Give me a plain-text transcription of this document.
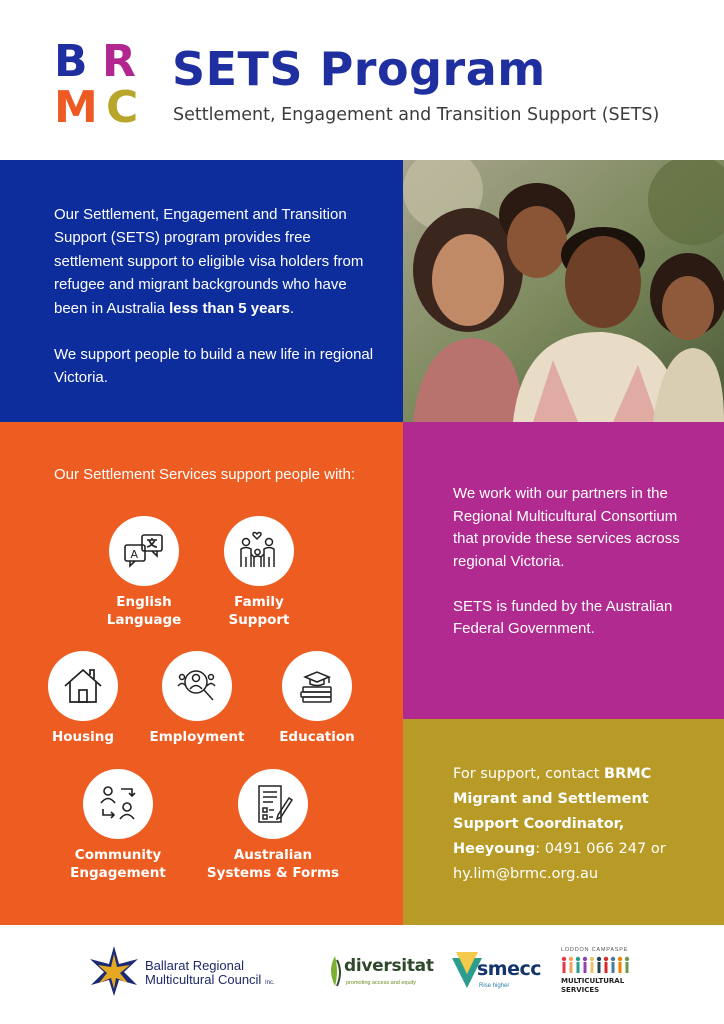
B R
M C
SETS Program
Settlement, Engagement and Transition Support (SETS)

Our Settlement, Engagement and Transition Support (SETS) program provides free settlement support to eligible visa holders from refugee and migrant backgrounds who have been in Australia less than 5 years.

We support people to build a new life in regional Victoria.

Our Settlement Services support people with:
A
English
Language
Family
Support
Housing	Employment	Education
Community
Engagement
Australian
Systems & Forms

We work with our partners in the Regional Multicultural Consortium that provide these services across regional Victoria.

SETS is funded by the Australian Federal Government.

For support, contact BRMC Migrant and Settlement Support Coordinator, Heeyoung: 0491 066 247 or hy.lim@brmc.org.au
Ballarat Regional
Multicultural Council Inc.
diversitat
promoting access and equity
smecc
Rise higher
LODDON CAMPASPE
MULTICULTURAL
SERVICES
